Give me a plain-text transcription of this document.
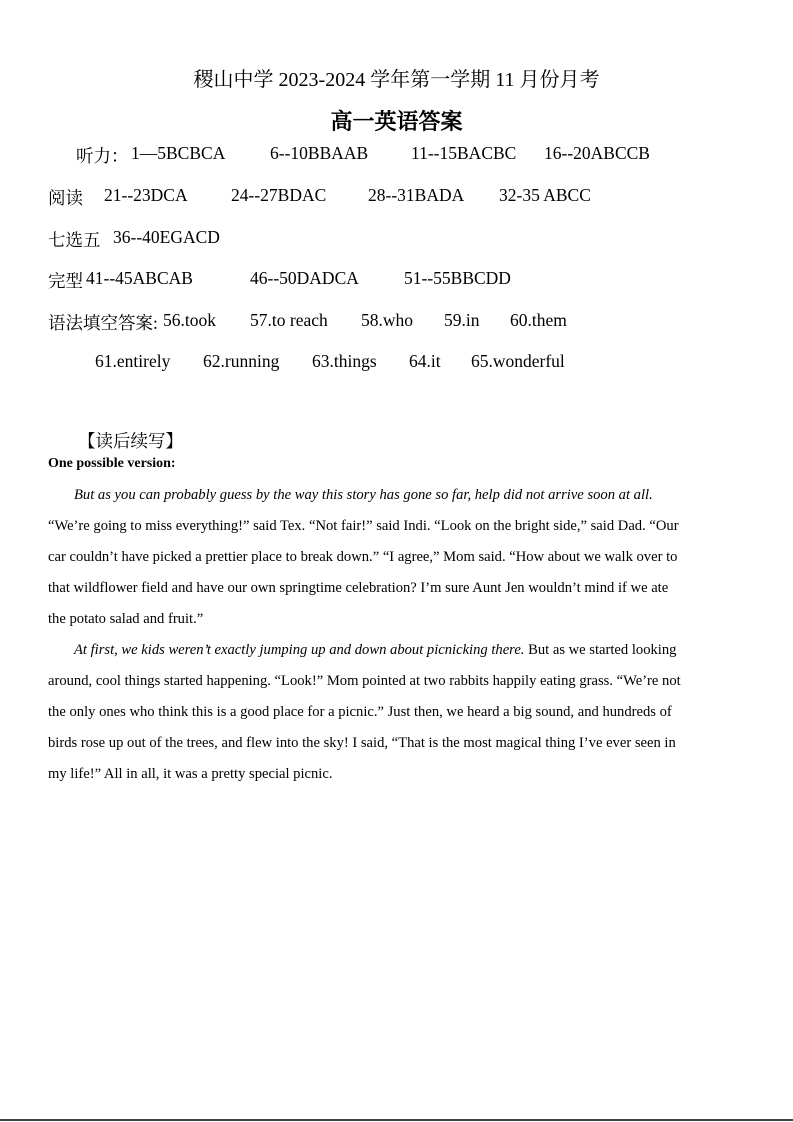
稷山中学 2023-2024 学年第一学期 11 月份月考
高一英语答案
听力： 1—5BCBCA	6--10BBAAB 11--15BACBC 16--20ABCCB
阅读 21--23DCA 24--27BDAC 28--31BADA 32-35 ABCC
七选五 36--40EGACD
完型 41--45ABCAB	46--50DADCA	51--55BBCDD
语法填空答案: 56.took 57.to reach 58.who 59.in 60.them
61.entirely 62.running 63.things 64.it 65.wonderful
【读后续写】
One possible version:

But as you can probably guess by the way this story has gone so far, help did not arrive soon at all.

“We’re going to miss everything!” said Tex. “Not fair!” said Indi. “Look on the bright side,” said Dad. “Our

car couldn’t have picked a prettier place to break down.” “I agree,” Mom said. “How about we walk over to

that wildflower field and have our own springtime celebration? I’m sure Aunt Jen wouldn’t mind if we ate

the potato salad and fruit.”

At first, we kids weren’t exactly jumping up and down about picnicking there. But as we started looking

around, cool things started happening. “Look!” Mom pointed at two rabbits happily eating grass. “We’re not

the only ones who think this is a good place for a picnic.” Just then, we heard a big sound, and hundreds of

birds rose up out of the trees, and flew into the sky! I said, “That is the most magical thing I’ve ever seen in

my life!” All in all, it was a pretty special picnic.
